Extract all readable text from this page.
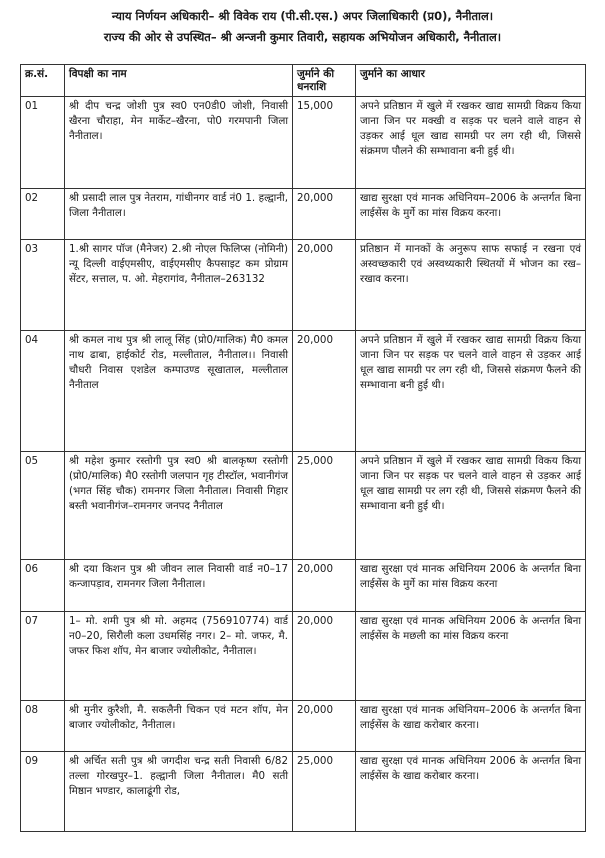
न्याय निर्णयन अधिकारी– श्री विवेक राय (पी.सी.एस.) अपर जिलाधिकारी (प्र0), नैनीताल।
राज्य की ओर से उपस्थित– श्री अन्जनी कुमार तिवारी, सहायक अभियोजन अधिकारी, नैनीताल।
क्र.सं.	विपक्षी का नाम	जुर्माने की धनराशि	जुर्माने का आधार
01	श्री दीप चन्द्र जोशी पुत्र स्व0 एन0डी0 जोशी, निवासी खैरना चौराहा, मेन मार्केट–खैरना, पो0 गरमपानी जिला नैनीताल।	15,000	अपने प्रतिष्ठान में खुले में रखकर खाद्य सामग्री विक्रय किया जाना जिन पर मक्खी व सड़क पर चलने वाले वाहन से उड़कर आई धूल खाद्य सामग्री पर लग रही थी, जिससे संक्रमण पौलने की सम्भावाना बनी हुई थी।
02	श्री प्रसादी लाल पुत्र नेतराम, गांधीनगर वार्ड नं0 1. हल्द्वानी, जिला नैनीताल।	20,000	खाद्य सुरक्षा एवं मानक अधिनियम–2006 के अन्तर्गत बिना लाईसेंस के मुर्गे का मांस विक्रय करना।
03	1.श्री सागर पॉज (मैनेजर) 2.श्री नोएल फिलिप्स (नोमिनी) न्यू दिल्ली वाईएमसीए, वाईएमसीए कैपसाइट कम प्रोग्राम सेंटर, सत्ताल, प. ओ. मेहरागांव, नैनीताल–263132	20,000	प्रतिष्ठान में मानकों के अनुरूप साफ सफाई न रखना एवं अस्वच्छकारी एवं अस्वथ्यकारी स्थितयों में भोजन का रख–रखाव करना।
04	श्री कमल नाथ पुत्र श्री लालू सिंह (प्रो0/मालिक) मै0 कमल नाथ ढाबा, हाईकोर्ट रोड, मल्लीताल, नैनीताल।। निवासी चौधरी निवास एशडेल कम्पाउण्ड सूखाताल, मल्लीताल नैनीताल	20,000	अपने प्रतिष्ठान में खुले में रखकर खाद्य सामग्री विक्रय किया जाना जिन पर सड़क पर चलने वाले वाहन से उड़कर आई धूल खाद्य सामग्री पर लग रही थी, जिससे संक्रमण फैलने की सम्भावाना बनी हुई थी।
05	श्री महेश कुमार रस्तोगी पुत्र स्व0 श्री बालकृष्ण रस्तोगी (प्रो0/मालिक) मै0 रस्तोगी जलपान गृह टीस्टॉल, भवानीगंज (भगत सिंह चौक) रामनगर जिला नैनीताल। निवासी गिहार बस्ती भवानीगंज–रामनगर जनपद नैनीताल	25,000	अपने प्रतिष्ठान में खुले में रखकर खाद्य सामग्री विकय किया जाना जिन पर सड़क पर चलने वाले वाहन से उड़कर आई धूल खाद्य सामग्री पर लग रही थी, जिससे संक्रमण फैलने की सम्भावाना बनी हुई थी।
06	श्री दया किशन पुत्र श्री जीवन लाल निवासी वार्ड न0–17 कन्जापड़ाव, रामनगर जिला नैनीताल।	20,000	खाद्य सुरक्षा एवं मानक अधिनियम 2006 के अन्तर्गत बिना लाईसेंस के मुर्गे का मांस विक्रय करना
07	1– मो. शमी पुत्र श्री मो. अहमद (756910774) वार्ड न0–20, सिरौली कला उधमसिंह नगर। 2– मो. जफर, मै. जफर फिश शॉप, मेन बाजार ज्योलीकोट, नैनीताल।	20,000	खाद्य सुरक्षा एवं मानक अधिनियम 2006 के अन्तर्गत बिना लाईसेंस के मछली का मांस विक्रय करना
08	श्री मुनीर कुरैशी, मै. सकलैनी चिकन एवं मटन शॉप, मेन बाजार ज्योलीकोट, नैनीताल।	20,000	खाद्य सुरक्षा एवं मानक अधिनियम–2006 के अन्तर्गत बिना लाईसेंस के खाद्य करोबार करना।
09	श्री अर्चित सती पुत्र श्री जगदीश चन्द्र सती निवासी 6/82 तल्ला गोरखपुर–1. हल्द्वानी जिला नैनीताल। मै0 सती मिष्ठान भण्डार, कालाढूंगी रोड,	25,000	खाद्य सुरक्षा एवं मानक अधिनियम 2006 के अन्तर्गत बिना लाईसेंस के खाद्य करोबार करना।
